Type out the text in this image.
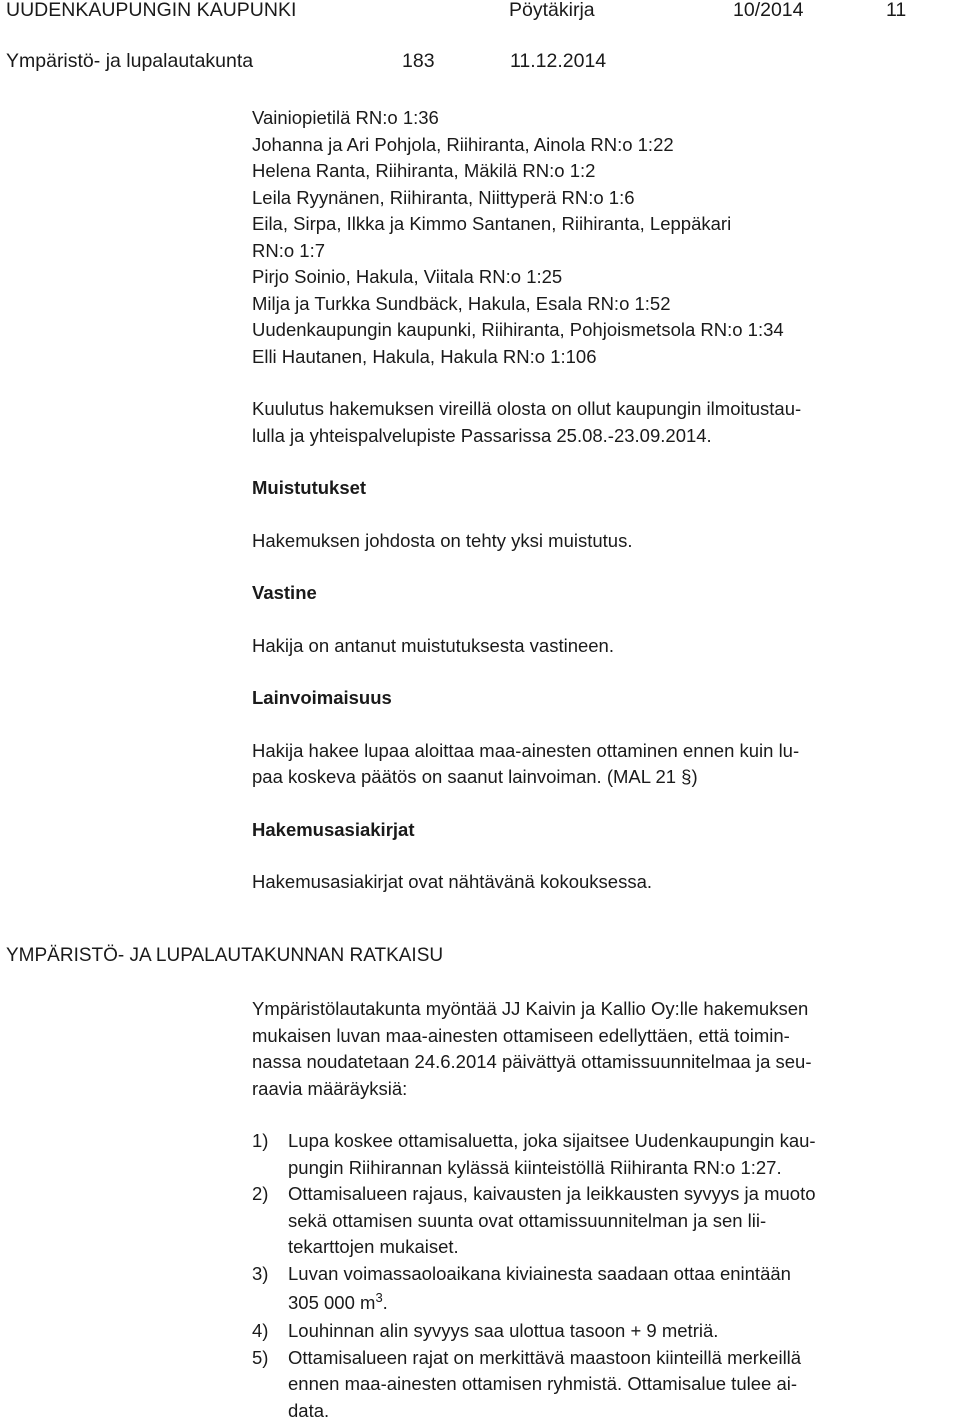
UUDENKAUPUNGIN KAUPUNKI	Pöytäkirja	10/2014	11
Ympäristö- ja lupalautakunta	183	11.12.2014
Vainiopietilä RN:o 1:36
Johanna ja Ari Pohjola, Riihiranta, Ainola RN:o 1:22
Helena Ranta, Riihiranta, Mäkilä RN:o 1:2
Leila Ryynänen, Riihiranta, Niittyperä RN:o 1:6
Eila, Sirpa, Ilkka ja Kimmo Santanen, Riihiranta, Leppäkari
RN:o 1:7
Pirjo Soinio, Hakula, Viitala RN:o 1:25
Milja ja Turkka Sundbäck, Hakula, Esala RN:o 1:52
Uudenkaupungin kaupunki, Riihiranta, Pohjoismetsola RN:o 1:34
Elli Hautanen, Hakula, Hakula RN:o 1:106
Kuulutus hakemuksen vireillä olosta on ollut kaupungin ilmoitustau-
lulla ja yhteispalvelupiste Passarissa 25.08.-23.09.2014.
Muistutukset
Hakemuksen johdosta on tehty yksi muistutus.
Vastine
Hakija on antanut muistutuksesta vastineen.
Lainvoimaisuus
Hakija hakee lupaa aloittaa maa-ainesten ottaminen ennen kuin lu-
paa koskeva päätös on saanut lainvoiman. (MAL 21 §)
Hakemusasiakirjat
Hakemusasiakirjat ovat nähtävänä kokouksessa.
YMPÄRISTÖ- JA LUPALAUTAKUNNAN RATKAISU
Ympäristölautakunta myöntää JJ Kaivin ja Kallio Oy:lle hakemuksen
mukaisen luvan maa-ainesten ottamiseen edellyttäen, että toimin-
nassa noudatetaan 24.6.2014 päivättyä ottamissuunnitelmaa ja seu-
raavia määräyksiä:
1) Lupa koskee ottamisaluetta, joka sijaitsee Uudenkaupungin kau-
pungin Riihirannan kylässä kiinteistöllä Riihiranta RN:o 1:27.
2) Ottamisalueen rajaus, kaivausten ja leikkausten syvyys ja muoto
sekä ottamisen suunta ovat ottamissuunnitelman ja sen lii-
tekarttojen mukaiset.
3) Luvan voimassaoloaikana kiviainesta saadaan ottaa enintään
305 000 $m^3$.
4) Louhinnan alin syvyys saa ulottua tasoon + 9 metriä.
5) Ottamisalueen rajat on merkittävä maastoon kiinteillä merkeillä
ennen maa-ainesten ottamisen ryhmistä. Ottamisalue tulee ai-
data.
